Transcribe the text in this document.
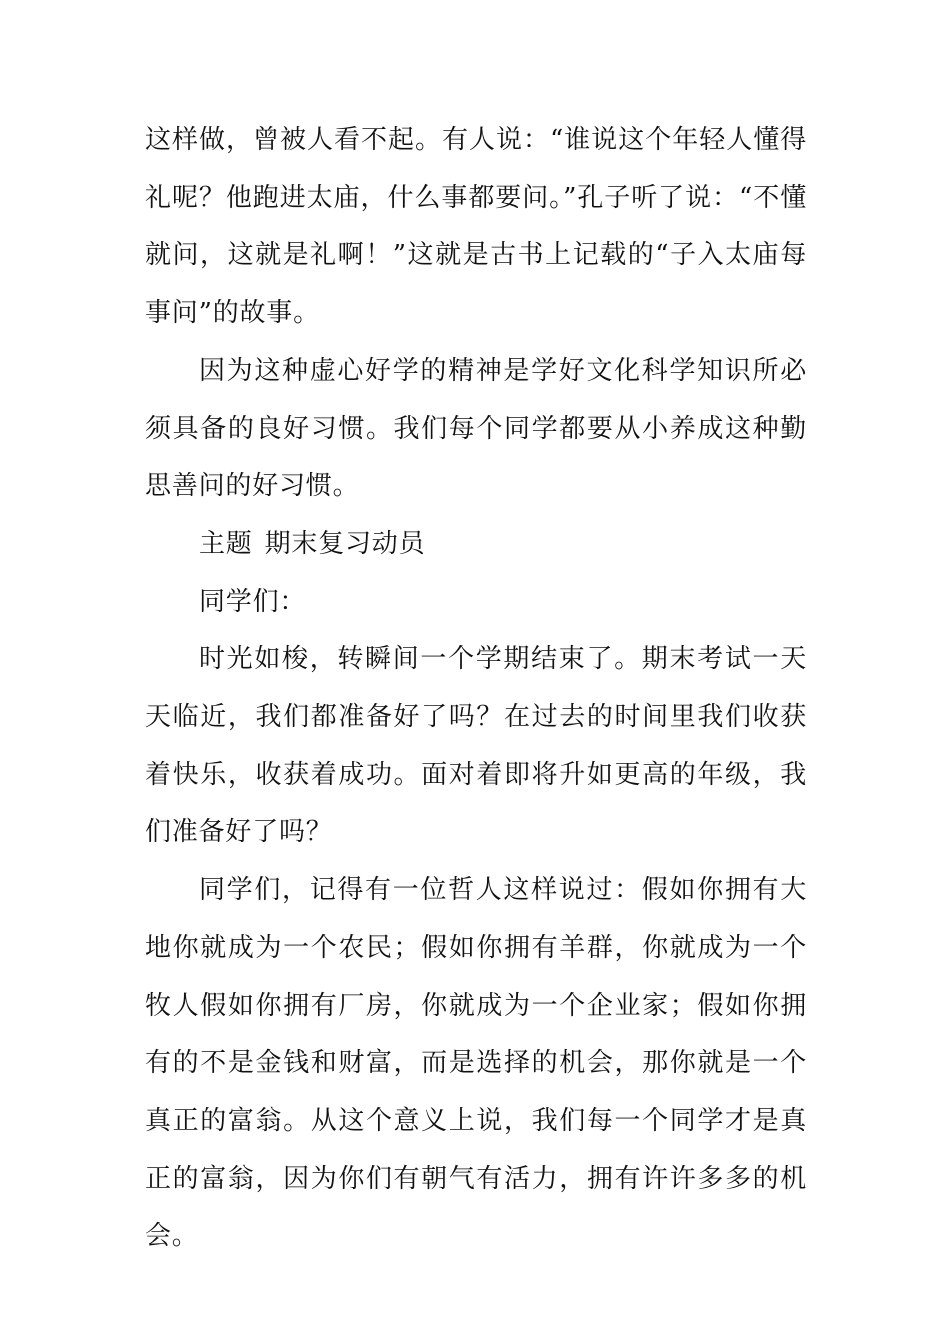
这样做，曾被人看不起。有人说：“谁说这个年轻人懂得礼呢？他跑进太庙，什么事都要问。”孔子听了说：“不懂就问，这就是礼啊！”这就是古书上记载的“子入太庙每事问”的故事。

因为这种虚心好学的精神是学好文化科学知识所必须具备的良好习惯。我们每个同学都要从小养成这种勤思善问的好习惯。

主题 期末复习动员

同学们：

时光如梭，转瞬间一个学期结束了。期末考试一天天临近，我们都准备好了吗？在过去的时间里我们收获着快乐，收获着成功。面对着即将升如更高的年级，我们准备好了吗？

同学们，记得有一位哲人这样说过：假如你拥有大地你就成为一个农民；假如你拥有羊群，你就成为一个牧人假如你拥有厂房，你就成为一个企业家；假如你拥有的不是金钱和财富，而是选择的机会，那你就是一个真正的富翁。从这个意义上说，我们每一个同学才是真正的富翁，因为你们有朝气有活力，拥有许许多多的机会。
